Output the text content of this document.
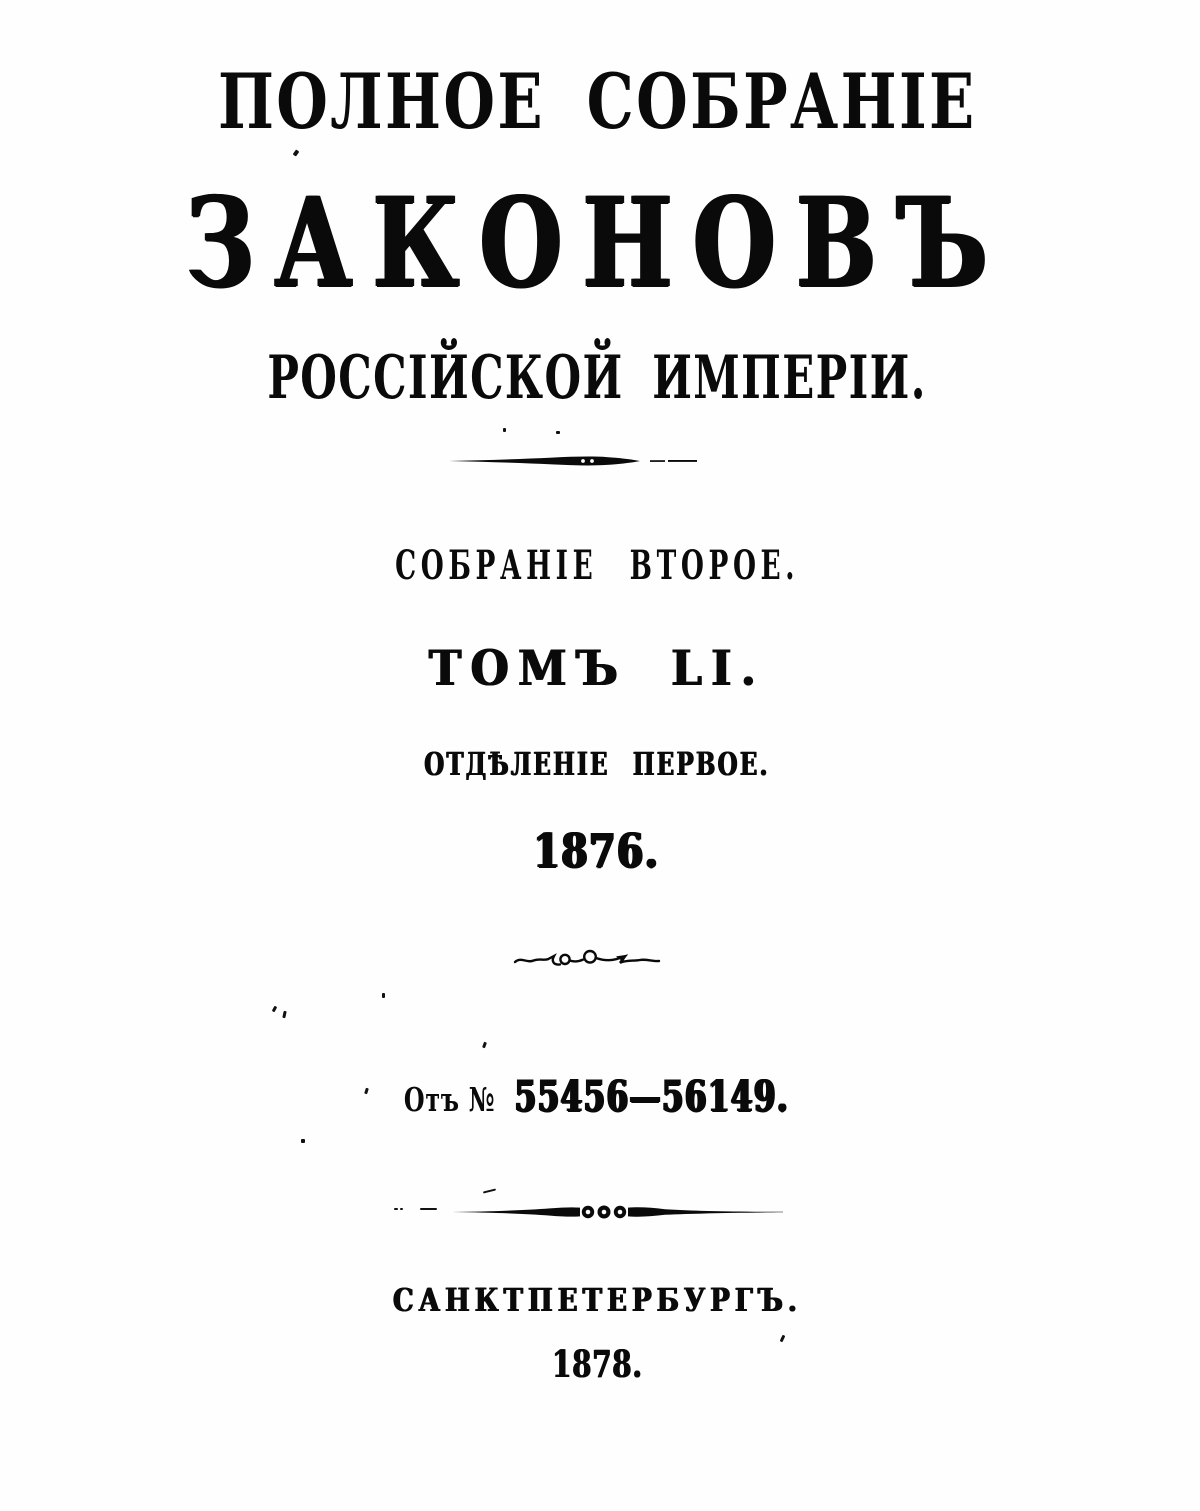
ПОЛНОЕ СОБРАНІЕ
ЗАКОНОВЪ
РОССІЙСКОЙ ИМПЕРІИ.
СОБРАНІЕ ВТОРОЕ.
ТОМЪ LI.
ОТДѢЛЕНІЕ ПЕРВОЕ.
1876.
Отъ № 55456—56149.
САНКТПЕТЕРБУРГЪ.
1878.
